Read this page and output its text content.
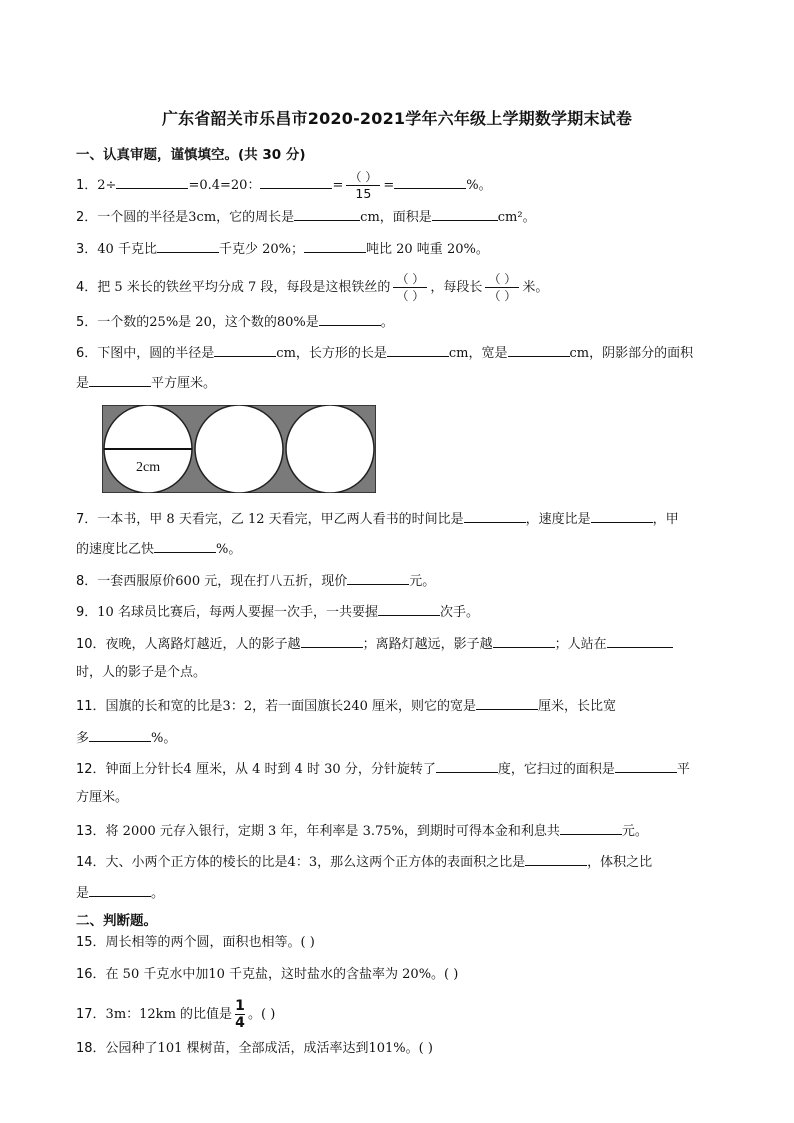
广东省韶关市乐昌市2020-2021学年六年级上学期数学期末试卷
一、认真审题，谨慎填空。(共 30 分)
1．2÷	=0.4=20：	= $\frac{( )}{15}$ =	%。
2．一个圆的半径是3cm，它的周长是	cm，面积是	cm²。
3．40 千克比	千克少 20%；	吨比 20 吨重 20%。
4．把 5 米长的铁丝平均分成 7 段，每段是这根铁丝的 $\frac{( )}{( )}$ ，每段长 $\frac{( )}{( )}$ 米。
5．一个数的25%是 20，这个数的80%是	。
6．下图中，圆的半径是	cm，长方形的长是	cm，宽是	cm，阴影部分的面积
是	平方厘米。
2cm
7．一本书，甲 8 天看完，乙 12 天看完，甲乙两人看书的时间比是	，速度比是	，甲
的速度比乙快	%。
8．一套西服原价600 元，现在打八五折，现价	元。
9．10 名球员比赛后，每两人要握一次手，一共要握	次手。
10．夜晚，人离路灯越近，人的影子越	；离路灯越远，影子越	；人站在
时，人的影子是个点。
11．国旗的长和宽的比是3：2，若一面国旗长240 厘米，则它的宽是	厘米，长比宽
多	%。
12．钟面上分针长4 厘米，从 4 时到 4 时 30 分，分针旋转了	度，它扫过的面积是	平
方厘米。
13．将 2000 元存入银行，定期 3 年，年利率是 3.75%，到期时可得本金和利息共	元。
14．大、小两个正方体的棱长的比是4：3，那么这两个正方体的表面积之比是	，体积之比
是	。
二、判断题。
15．周长相等的两个圆，面积也相等。( )
16．在 50 千克水中加10 千克盐，这时盐水的含盐率为 20%。( )
17．3m：12km 的比值是 $\frac{1}{4}$ 。( )
18．公园种了101 棵树苗，全部成活，成活率达到101%。( )
